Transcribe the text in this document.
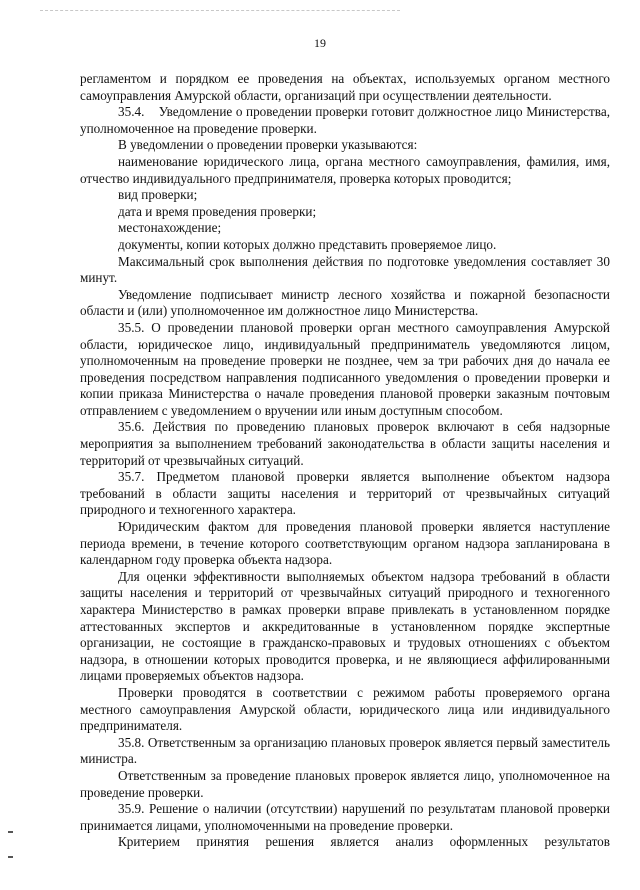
19

регламентом и порядком ее проведения на объектах, используемых органом местного самоуправления Амурской области, организаций при осуществлении деятельности.

35.4.    Уведомление о проведении проверки готовит должностное лицо Министерства, уполномоченное на проведение проверки.

В уведомлении о проведении проверки указываются:

наименование юридического лица, органа местного самоуправления, фамилия, имя, отчество индивидуального предпринимателя, проверка которых проводится;

вид проверки;

дата и время проведения проверки;

местонахождение;

документы, копии которых должно представить проверяемое лицо.

Максимальный срок выполнения действия по подготовке уведомления составляет 30 минут.

Уведомление подписывает министр лесного хозяйства и пожарной безопасности области и (или) уполномоченное им должностное лицо Министерства.

35.5. О проведении плановой проверки орган местного самоуправления Амурской области, юридическое лицо, индивидуальный предприниматель уведомляются лицом, уполномоченным на проведение проверки не позднее, чем за три рабочих дня до начала ее проведения посредством направления подписанного уведомления о проведении проверки и копии приказа Министерства о начале проведения плановой проверки заказным почтовым отправлением с уведомлением о вручении или иным доступным способом.

35.6. Действия по проведению плановых проверок включают в себя надзорные мероприятия за выполнением требований законодательства в области защиты населения и территорий от чрезвычайных ситуаций.

35.7. Предметом плановой проверки является выполнение объектом надзора требований в области защиты населения и территорий от чрезвычайных ситуаций природного и техногенного характера.

Юридическим фактом для проведения плановой проверки является наступление периода времени, в течение которого соответствующим органом надзора запланирована в календарном году проверка объекта надзора.

Для оценки эффективности выполняемых объектом надзора требований в области защиты населения и территорий от чрезвычайных ситуаций природного и техногенного характера Министерство в рамках проверки вправе привлекать в установленном порядке аттестованных экспертов и аккредитованные в установленном порядке экспертные организации, не состоящие в гражданско-правовых и трудовых отношениях с объектом надзора, в отношении которых проводится проверка, и не являющиеся аффилированными лицами проверяемых объектов надзора.

Проверки проводятся в соответствии с режимом работы проверяемого органа местного самоуправления Амурской области, юридического лица или индивидуального предпринимателя.

35.8. Ответственным за организацию плановых проверок является первый заместитель министра.

Ответственным за проведение плановых проверок является лицо, уполномоченное на проведение проверки.

35.9. Решение о наличии (отсутствии) нарушений по результатам плановой проверки принимается лицами, уполномоченными на проведение проверки.

Критерием принятия решения является анализ оформленных результатов
